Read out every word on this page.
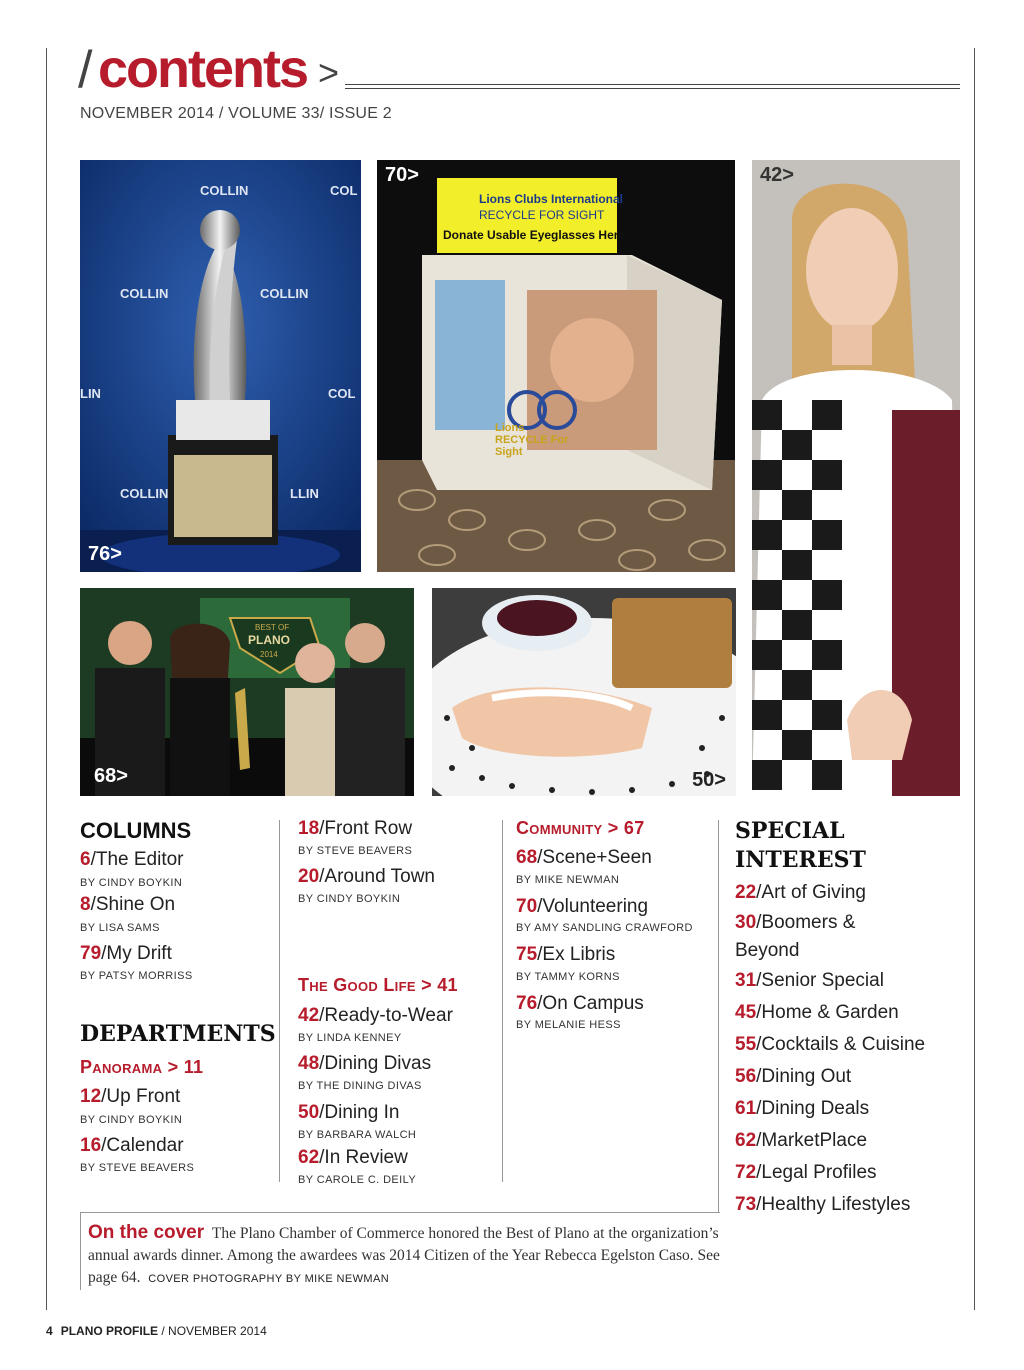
/ contents >
NOVEMBER 2014 / VOLUME 33/ ISSUE 2
COLLIN
COLLIN	COLLIN
LIN
COLLIN	LLIN
COL
COL
76>
70>
Lions Clubs International
RECYCLE FOR SIGHT
Donate Usable Eyeglasses Here
Lions RECYCLE For Sight
42>
BEST OF
PLANO
2014
68>	50>
COLUMNS
6/The Editor
BY CINDY BOYKIN
8/Shine On
BY LISA SAMS
79/My Drift
BY PATSY MORRISS
DEPARTMENTS
Panorama > 11
12/Up Front
BY CINDY BOYKIN
16/Calendar
BY STEVE BEAVERS
18/Front Row
BY STEVE BEAVERS
20/Around Town
BY CINDY BOYKIN
The Good Life > 41
42/Ready-to-Wear
BY LINDA KENNEY
48/Dining Divas
BY THE DINING DIVAS
50/Dining In
BY BARBARA WALCH
62/In Review
BY CAROLE C. DEILY
Community > 67
68/Scene+Seen
BY MIKE NEWMAN
70/Volunteering
BY AMY SANDLING CRAWFORD
75/Ex Libris
BY TAMMY KORNS
76/On Campus
BY MELANIE HESS
SPECIAL
INTEREST
22/Art of Giving
30/Boomers &
Beyond
31/Senior Special
45/Home & Garden
55/Cocktails & Cuisine
56/Dining Out
61/Dining Deals
62/MarketPlace
72/Legal Profiles
73/Healthy Lifestyles
On the cover The Plano Chamber of Commerce honored the Best of Plano at the organization’s annual awards dinner. Among the awardees was 2014 Citizen of the Year Rebecca Egelston Caso. See page 64. COVER PHOTOGRAPHY BY MIKE NEWMAN
4 PLANO PROFILE / NOVEMBER 2014
